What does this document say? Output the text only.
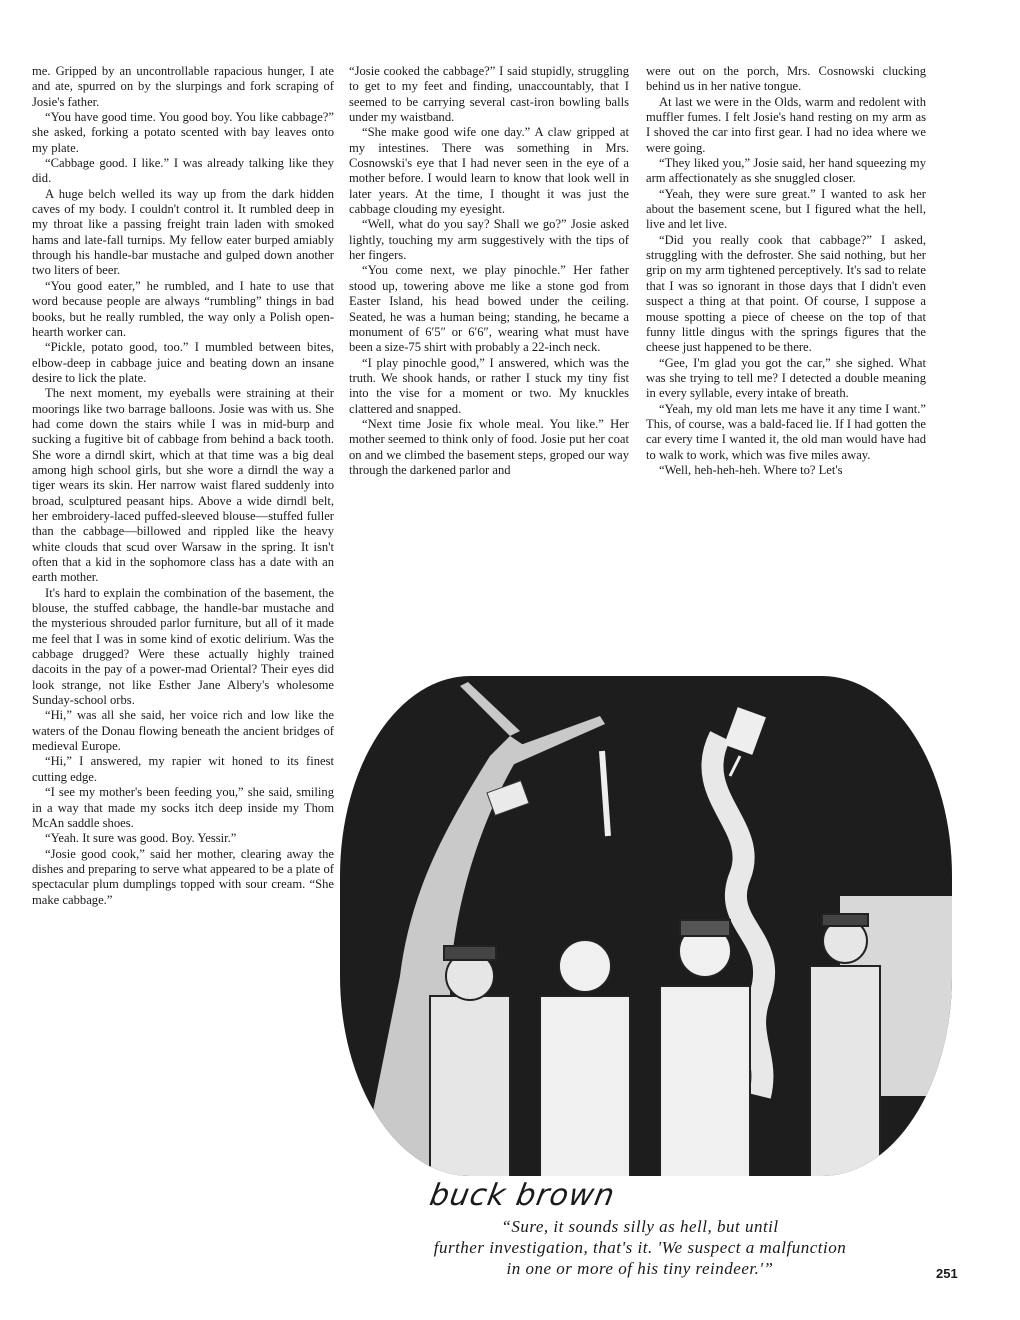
me. Gripped by an uncontrollable rapacious hunger, I ate and ate, spurred on by the slurpings and fork scraping of Josie's father.

“You have good time. You good boy. You like cabbage?” she asked, forking a potato scented with bay leaves onto my plate.

“Cabbage good. I like.” I was already talking like they did.

A huge belch welled its way up from the dark hidden caves of my body. I couldn't control it. It rumbled deep in my throat like a passing freight train laden with smoked hams and late-fall turnips. My fellow eater burped amiably through his handle-bar mustache and gulped down another two liters of beer.

“You good eater,” he rumbled, and I hate to use that word because people are always “rumbling” things in bad books, but he really rumbled, the way only a Polish open-hearth worker can.

“Pickle, potato good, too.” I mumbled between bites, elbow-deep in cabbage juice and beating down an insane desire to lick the plate.

The next moment, my eyeballs were straining at their moorings like two barrage balloons. Josie was with us. She had come down the stairs while I was in mid-burp and sucking a fugitive bit of cabbage from behind a back tooth. She wore a dirndl skirt, which at that time was a big deal among high school girls, but she wore a dirndl the way a tiger wears its skin. Her narrow waist flared suddenly into broad, sculptured peasant hips. Above a wide dirndl belt, her embroidery-laced puffed-sleeved blouse—stuffed fuller than the cabbage—billowed and rippled like the heavy white clouds that scud over Warsaw in the spring. It isn't often that a kid in the sophomore class has a date with an earth mother.

It's hard to explain the combination of the basement, the blouse, the stuffed cabbage, the handle-bar mustache and the mysterious shrouded parlor furniture, but all of it made me feel that I was in some kind of exotic delirium. Was the cabbage drugged? Were these actually highly trained dacoits in the pay of a power-mad Oriental? Their eyes did look strange, not like Esther Jane Albery's wholesome Sunday-school orbs.

“Hi,” was all she said, her voice rich and low like the waters of the Donau flowing beneath the ancient bridges of medieval Europe.

“Hi,” I answered, my rapier wit honed to its finest cutting edge.

“I see my mother's been feeding you,” she said, smiling in a way that made my socks itch deep inside my Thom McAn saddle shoes.

“Yeah. It sure was good. Boy. Yessir.”

“Josie good cook,” said her mother, clearing away the dishes and preparing to serve what appeared to be a plate of spectacular plum dumplings topped with sour cream. “She make cabbage.”

“Josie cooked the cabbage?” I said stupidly, struggling to get to my feet and finding, unaccountably, that I seemed to be carrying several cast-iron bowling balls under my waistband.

“She make good wife one day.” A claw gripped at my intestines. There was something in Mrs. Cosnowski's eye that I had never seen in the eye of a mother before. I would learn to know that look well in later years. At the time, I thought it was just the cabbage clouding my eyesight.

“Well, what do you say? Shall we go?” Josie asked lightly, touching my arm suggestively with the tips of her fingers.

“You come next, we play pinochle.” Her father stood up, towering above me like a stone god from Easter Island, his head bowed under the ceiling. Seated, he was a human being; standing, he became a monument of 6′5″ or 6′6″, wearing what must have been a size-75 shirt with probably a 22-inch neck.

“I play pinochle good,” I answered, which was the truth. We shook hands, or rather I stuck my tiny fist into the vise for a moment or two. My knuckles clattered and snapped.

“Next time Josie fix whole meal. You like.” Her mother seemed to think only of food. Josie put her coat on and we climbed the basement steps, groped our way through the darkened parlor and

were out on the porch, Mrs. Cosnowski clucking behind us in her native tongue.

At last we were in the Olds, warm and redolent with muffler fumes. I felt Josie's hand resting on my arm as I shoved the car into first gear. I had no idea where we were going.

“They liked you,” Josie said, her hand squeezing my arm affectionately as she snuggled closer.

“Yeah, they were sure great.” I wanted to ask her about the basement scene, but I figured what the hell, live and let live.

“Did you really cook that cabbage?” I asked, struggling with the defroster. She said nothing, but her grip on my arm tightened perceptively. It's sad to relate that I was so ignorant in those days that I didn't even suspect a thing at that point. Of course, I suppose a mouse spotting a piece of cheese on the top of that funny little dingus with the springs figures that the cheese just happened to be there.

“Gee, I'm glad you got the car,” she sighed. What was she trying to tell me? I detected a double meaning in every syllable, every intake of breath.

“Yeah, my old man lets me have it any time I want.” This, of course, was a bald-faced lie. If I had gotten the car every time I wanted it, the old man would have had to walk to work, which was five miles away.

“Well, heh-heh-heh. Where to? Let's

buck brown
“Sure, it sounds silly as hell, but until
further investigation, that's it. 'We suspect a malfunction
in one or more of his tiny reindeer.'”	251
